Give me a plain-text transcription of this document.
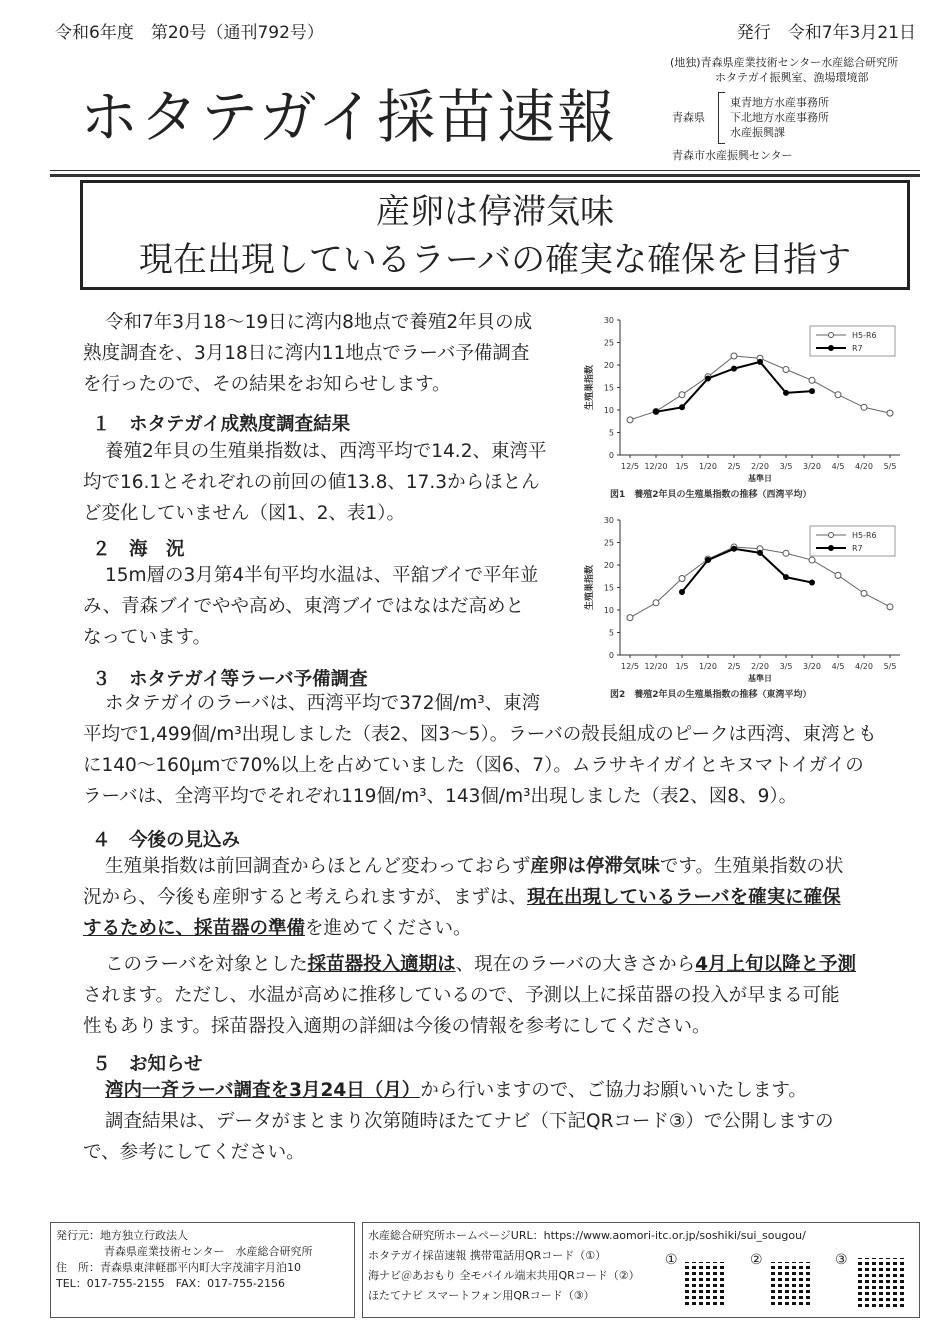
令和6年度　第20号（通刊792号）	発行　令和7年3月21日
ホタテガイ採苗速報
(地独)青森県産業技術センター水産総合研究所
ホタテガイ振興室、漁場環境部
青森県
東青地方水産事務所
下北地方水産事務所
水産振興課
青森市水産振興センター
産卵は停滞気味
現在出現しているラーバの確実な確保を目指す
令和7年3月18～19日に湾内8地点で養殖2年貝の成
熟度調査を、3月18日に湾内11地点でラーバ予備調査
を行ったので、その結果をお知らせします。
１　ホタテガイ成熟度調査結果
養殖2年貝の生殖巣指数は、西湾平均で14.2、東湾平
均で16.1とそれぞれの前回の値13.8、17.3からほとん
ど変化していません（図1、2、表1）。
２　海　況
15m層の3月第4半旬平均水温は、平舘ブイで平年並
み、青森ブイでやや高め、東湾ブイではなはだ高めと
なっています。
３　ホタテガイ等ラーバ予備調査
ホタテガイのラーバは、西湾平均で372個/m³、東湾
平均で1,499個/m³出現しました（表2、図3～5）。ラーバの殻長組成のピークは西湾、東湾とも
に140～160μmで70%以上を占めていました（図6、7）。ムラサキイガイとキヌマトイガイの
ラーバは、全湾平均でそれぞれ119個/m³、143個/m³出現しました（表2、図8、9）。
４　今後の見込み
生殖巣指数は前回調査からほとんど変わっておらず産卵は停滞気味です。生殖巣指数の状
況から、今後も産卵すると考えられますが、まずは、現在出現しているラーバを確実に確保
するために、採苗器の準備を進めてください。
このラーバを対象とした採苗器投入適期は、現在のラーバの大きさから4月上旬以降と予測
されます。ただし、水温が高めに推移しているので、予測以上に採苗器の投入が早まる可能
性もあります。採苗器投入適期の詳細は今後の情報を参考にしてください。
５　お知らせ
湾内一斉ラーバ調査を3月24日（月）から行いますので、ご協力お願いいたします。
調査結果は、データがまとまり次第随時ほたてナビ（下記QRコード③）で公開しますの
で、参考にしてください。
0
5
10
15
20
25
30
12/5 12/20 1/5 1/20 2/5 2/20 3/5 3/20 4/5 4/20 5/5
基準日
生殖巣指数
H5-R6
R7
図1　養殖2年貝の生殖巣指数の推移（西湾平均）
0
5
10
15
20
25
30
12/5 12/20 1/5 1/20 2/5 2/20 3/5 3/20 4/5 4/20 5/5
基準日
生殖巣指数
H5-R6
R7
図2　養殖2年貝の生殖巣指数の推移（東湾平均）
発行元：地方独立行政法人
青森県産業技術センター　水産総合研究所
住　所：青森県東津軽郡平内町大字茂浦字月泊10
TEL：017-755-2155　FAX：017-755-2156
水産総合研究所ホームページURL：https://www.aomori-itc.or.jp/soshiki/sui_sougou/
ホタテガイ採苗速報 携帯電話用QRコード（①）
海ナビ＠あおもり 全モバイル端末共用QRコード（②）
ほたてナビ スマートフォン用QRコード（③）
①	②	③
